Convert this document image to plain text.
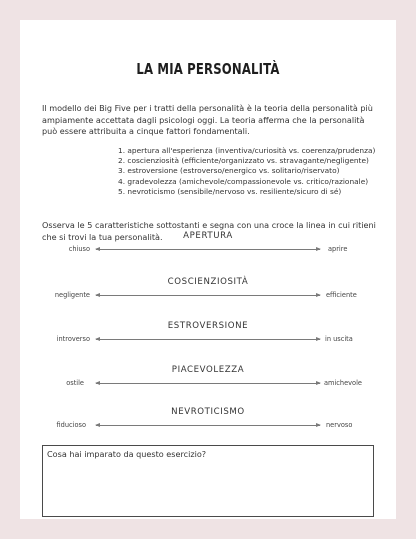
LA MIA PERSONALITÀ
Il modello dei Big Five per i tratti della personalità è la teoria della personalità più ampiamente accettata dagli psicologi oggi. La teoria afferma che la personalità può essere attribuita a cinque fattori fondamentali.
1. apertura all'esperienza (inventiva/curiosità vs. coerenza/prudenza)
2. coscienziosità (efficiente/organizzato vs. stravagante/negligente)
3. estroversione (estroverso/energico vs. solitario/riservato)
4. gradevolezza (amichevole/compassionevole vs. critico/razionale)
5. nevroticismo (sensibile/nervoso vs. resiliente/sicuro di sé)
Osserva le 5 caratteristiche sottostanti e segna con una croce la linea in cui ritieni che si trovi la tua personalità.	APERTURA
chiuso	aprire
COSCIENZIOSITÀ
negligente	efficiente
ESTROVERSIONE
introverso	in uscita
PIACEVOLEZZA
ostile	amichevole
NEVROTICISMO
fiducioso	nervoso
Cosa hai imparato da questo esercizio?
